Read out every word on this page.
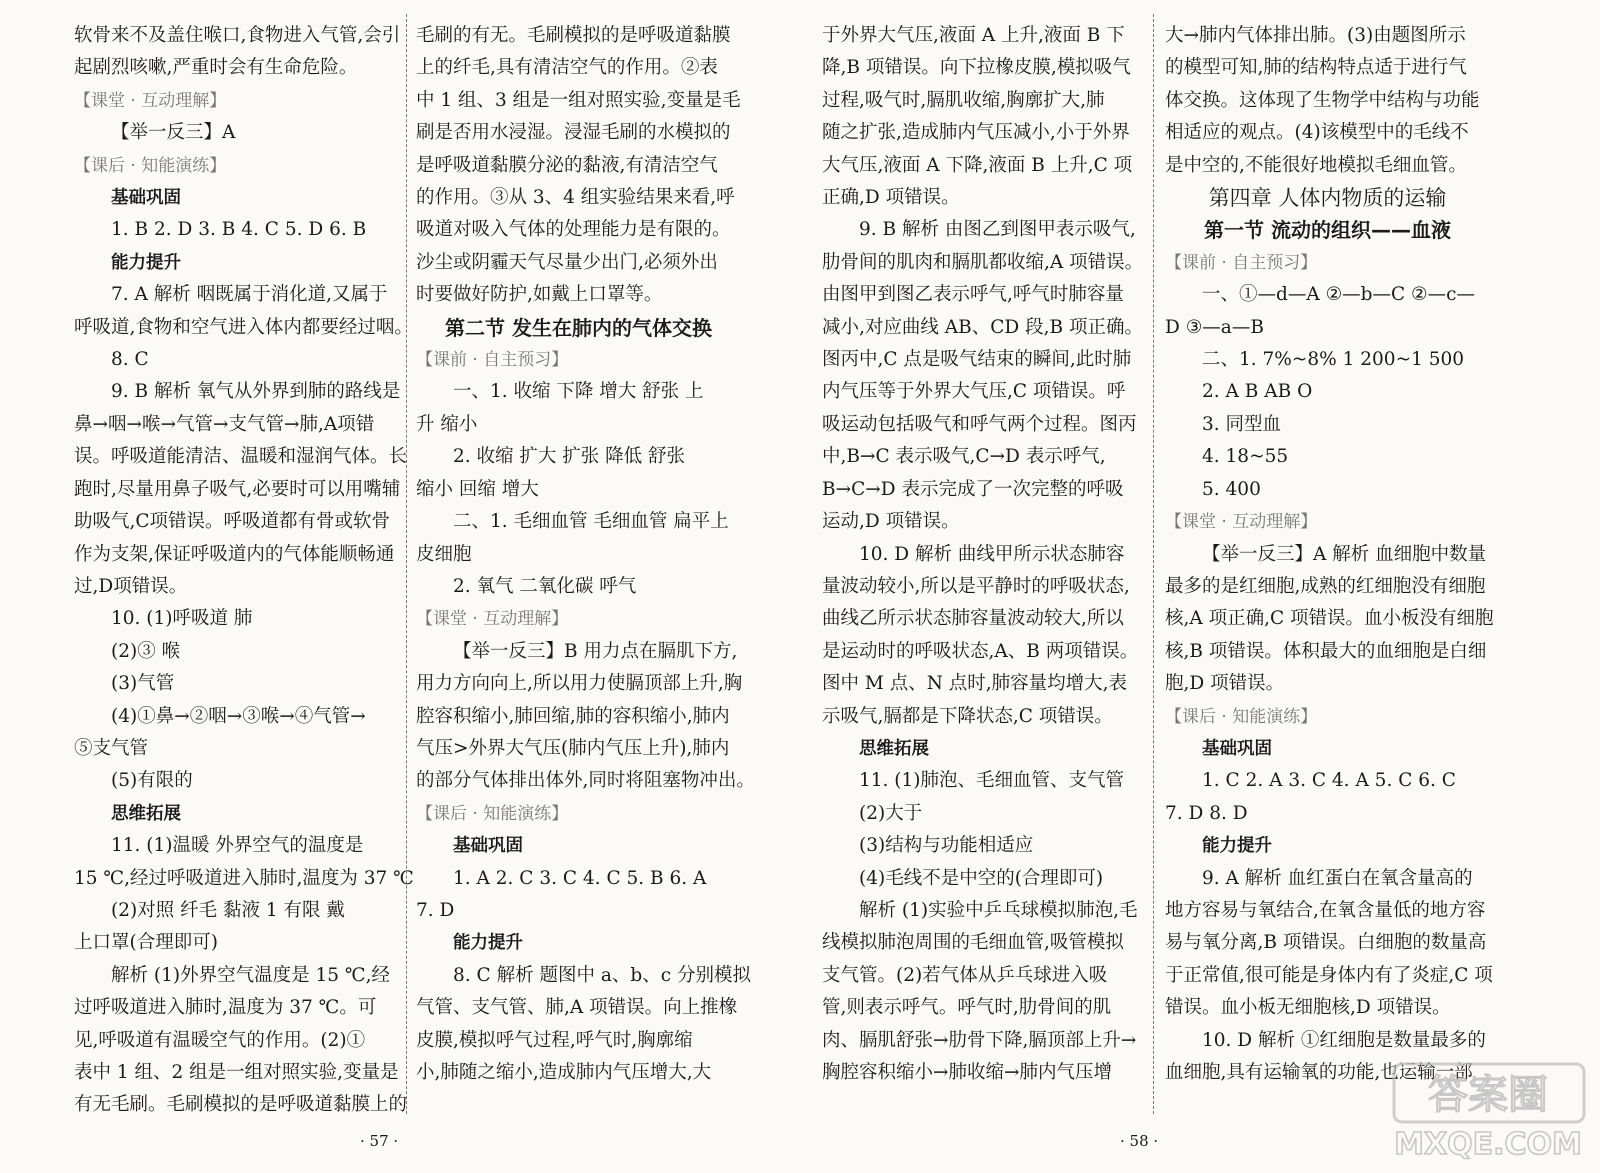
软骨来不及盖住喉口,食物进入气管,会引
起剧烈咳嗽,严重时会有生命危险。
【课堂 · 互动理解】
【举一反三】A
【课后 · 知能演练】
基础巩固
1. B 2. D 3. B 4. C 5. D 6. B
能力提升
7. A 解析 咽既属于消化道,又属于
呼吸道,食物和空气进入体内都要经过咽。
8. C
9. B 解析 氧气从外界到肺的路线是
鼻→咽→喉→气管→支气管→肺,A项错
误。呼吸道能清洁、温暖和湿润气体。长
跑时,尽量用鼻子吸气,必要时可以用嘴辅
助吸气,C项错误。呼吸道都有骨或软骨
作为支架,保证呼吸道内的气体能顺畅通
过,D项错误。
10. (1)呼吸道 肺
(2)③ 喉
(3)气管
(4)①鼻→②咽→③喉→④气管→
⑤支气管
(5)有限的
思维拓展
11. (1)温暖 外界空气的温度是
15 ℃,经过呼吸道进入肺时,温度为 37 ℃
(2)对照 纤毛 黏液 1 有限 戴
上口罩(合理即可)
解析 (1)外界空气温度是 15 ℃,经
过呼吸道进入肺时,温度为 37 ℃。可
见,呼吸道有温暖空气的作用。(2)①
表中 1 组、2 组是一组对照实验,变量是
有无毛刷。毛刷模拟的是呼吸道黏膜上的
毛刷的有无。毛刷模拟的是呼吸道黏膜
上的纤毛,具有清洁空气的作用。②表
中 1 组、3 组是一组对照实验,变量是毛
刷是否用水浸湿。浸湿毛刷的水模拟的
是呼吸道黏膜分泌的黏液,有清洁空气
的作用。③从 3、4 组实验结果来看,呼
吸道对吸入气体的处理能力是有限的。
沙尘或阴霾天气尽量少出门,必须外出
时要做好防护,如戴上口罩等。
第二节 发生在肺内的气体交换
【课前 · 自主预习】
一、1. 收缩 下降 增大 舒张 上
升 缩小
2. 收缩 扩大 扩张 降低 舒张
缩小 回缩 增大
二、1. 毛细血管 毛细血管 扁平上
皮细胞
2. 氧气 二氧化碳 呼气
【课堂 · 互动理解】
【举一反三】B 用力点在膈肌下方,
用力方向向上,所以用力使膈顶部上升,胸
腔容积缩小,肺回缩,肺的容积缩小,肺内
气压>外界大气压(肺内气压上升),肺内
的部分气体排出体外,同时将阻塞物冲出。
【课后 · 知能演练】
基础巩固
1. A 2. C 3. C 4. C 5. B 6. A
7. D
能力提升
8. C 解析 题图中 a、b、c 分别模拟
气管、支气管、肺,A 项错误。向上推橡
皮膜,模拟呼气过程,呼气时,胸廓缩
小,肺随之缩小,造成肺内气压增大,大
于外界大气压,液面 A 上升,液面 B 下
降,B 项错误。向下拉橡皮膜,模拟吸气
过程,吸气时,膈肌收缩,胸廓扩大,肺
随之扩张,造成肺内气压减小,小于外界
大气压,液面 A 下降,液面 B 上升,C 项
正确,D 项错误。
9. B 解析 由图乙到图甲表示吸气,
肋骨间的肌肉和膈肌都收缩,A 项错误。
由图甲到图乙表示呼气,呼气时肺容量
减小,对应曲线 AB、CD 段,B 项正确。
图丙中,C 点是吸气结束的瞬间,此时肺
内气压等于外界大气压,C 项错误。呼
吸运动包括吸气和呼气两个过程。图丙
中,B→C 表示吸气,C→D 表示呼气,
B→C→D 表示完成了一次完整的呼吸
运动,D 项错误。
10. D 解析 曲线甲所示状态肺容
量波动较小,所以是平静时的呼吸状态,
曲线乙所示状态肺容量波动较大,所以
是运动时的呼吸状态,A、B 两项错误。
图中 M 点、N 点时,肺容量均增大,表
示吸气,膈都是下降状态,C 项错误。
思维拓展
11. (1)肺泡、毛细血管、支气管
(2)大于
(3)结构与功能相适应
(4)毛线不是中空的(合理即可)
解析 (1)实验中乒乓球模拟肺泡,毛
线模拟肺泡周围的毛细血管,吸管模拟
支气管。(2)若气体从乒乓球进入吸
管,则表示呼气。呼气时,肋骨间的肌
肉、膈肌舒张→肋骨下降,膈顶部上升→
胸腔容积缩小→肺收缩→肺内气压增
大→肺内气体排出肺。(3)由题图所示
的模型可知,肺的结构特点适于进行气
体交换。这体现了生物学中结构与功能
相适应的观点。(4)该模型中的毛线不
是中空的,不能很好地模拟毛细血管。
第四章 人体内物质的运输
第一节 流动的组织——血液
【课前 · 自主预习】
一、①—d—A ②—b—C ②—c—
D ③—a—B
二、1. 7%~8% 1 200~1 500
2. A B AB O
3. 同型血
4. 18~55
5. 400
【课堂 · 互动理解】
【举一反三】A 解析 血细胞中数量
最多的是红细胞,成熟的红细胞没有细胞
核,A 项正确,C 项错误。血小板没有细胞
核,B 项错误。体积最大的血细胞是白细
胞,D 项错误。
【课后 · 知能演练】
基础巩固
1. C 2. A 3. C 4. A 5. C 6. C
7. D 8. D
能力提升
9. A 解析 血红蛋白在氧含量高的
地方容易与氧结合,在氧含量低的地方容
易与氧分离,B 项错误。白细胞的数量高
于正常值,很可能是身体内有了炎症,C 项
错误。血小板无细胞核,D 项错误。
10. D 解析 ①红细胞是数量最多的
血细胞,具有运输氧的功能,也运输一部
· 57 ·	· 58 ·
答案圈
MXQE.COM
